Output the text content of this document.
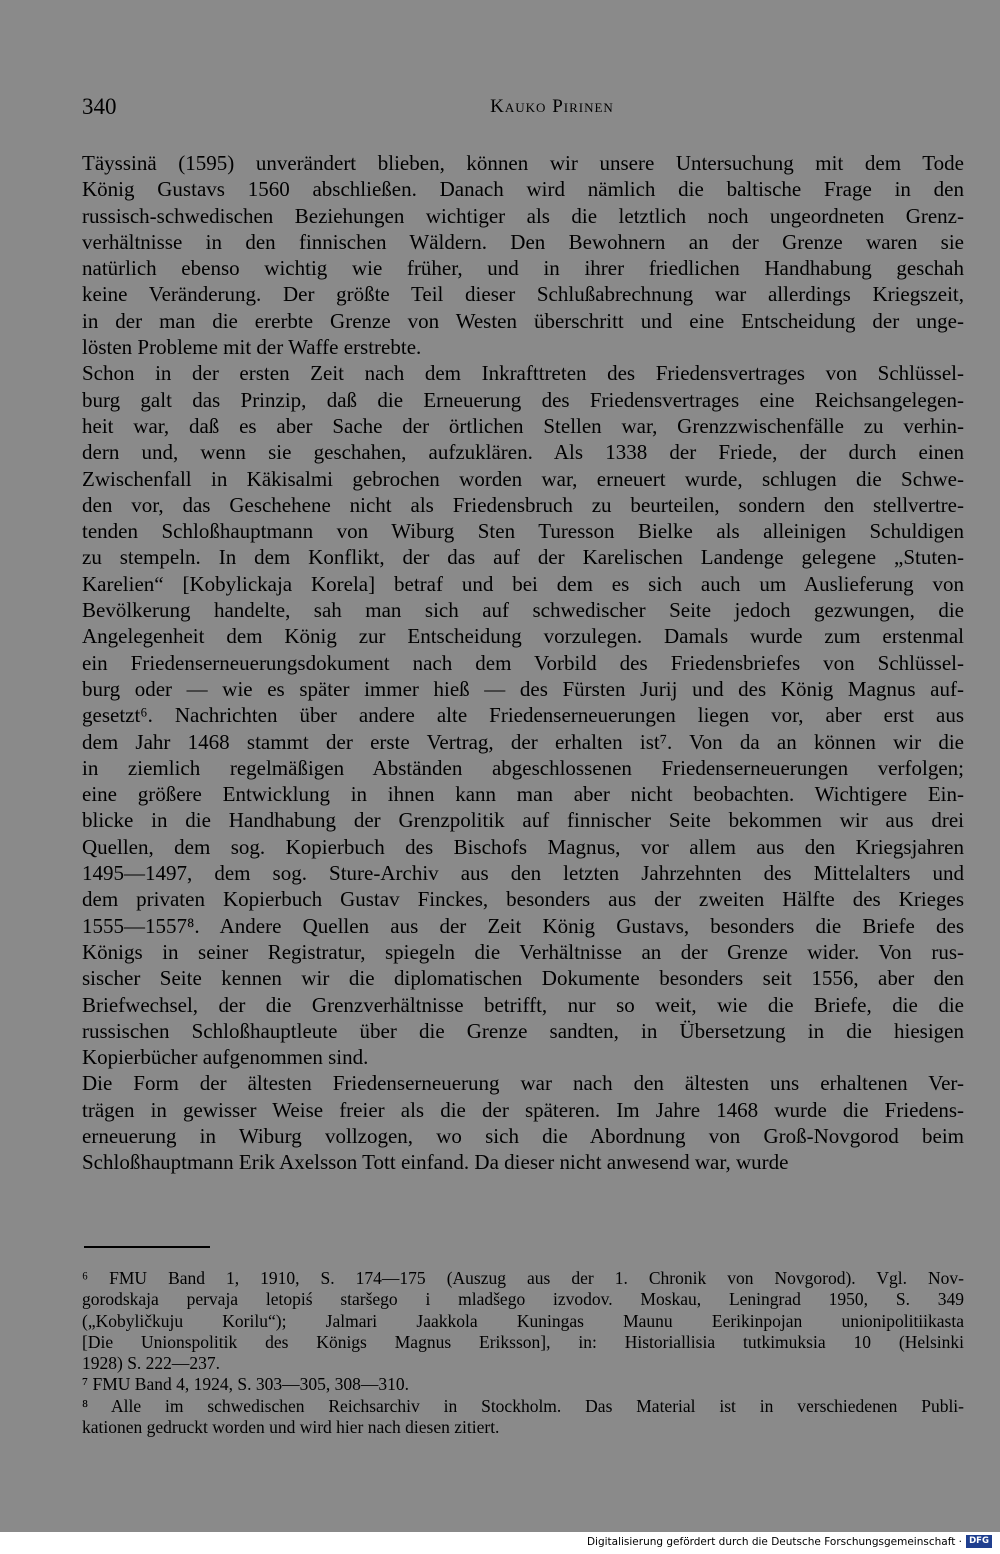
340	Kauko Pirinen
Täyssinä (1595) unverändert blieben, können wir unsere Untersuchung mit dem Tode
König Gustavs 1560 abschließen. Danach wird nämlich die baltische Frage in den
russisch-schwedischen Beziehungen wichtiger als die letztlich noch ungeordneten Grenz-
verhältnisse in den finnischen Wäldern. Den Bewohnern an der Grenze waren sie
natürlich ebenso wichtig wie früher, und in ihrer friedlichen Handhabung geschah
keine Veränderung. Der größte Teil dieser Schlußabrechnung war allerdings Kriegszeit,
in der man die ererbte Grenze von Westen überschritt und eine Entscheidung der unge-
lösten Probleme mit der Waffe erstrebte.
Schon in der ersten Zeit nach dem Inkrafttreten des Friedensvertrages von Schlüssel-
burg galt das Prinzip, daß die Erneuerung des Friedensvertrages eine Reichsangelegen-
heit war, daß es aber Sache der örtlichen Stellen war, Grenzzwischenfälle zu verhin-
dern und, wenn sie geschahen, aufzuklären. Als 1338 der Friede, der durch einen
Zwischenfall in Käkisalmi gebrochen worden war, erneuert wurde, schlugen die Schwe-
den vor, das Geschehene nicht als Friedensbruch zu beurteilen, sondern den stellvertre-
tenden Schloßhauptmann von Wiburg Sten Turesson Bielke als alleinigen Schuldigen
zu stempeln. In dem Konflikt, der das auf der Karelischen Landenge gelegene „Stuten-
Karelien“ [Kobylickaja Korela] betraf und bei dem es sich auch um Auslieferung von
Bevölkerung handelte, sah man sich auf schwedischer Seite jedoch gezwungen, die
Angelegenheit dem König zur Entscheidung vorzulegen. Damals wurde zum erstenmal
ein Friedenserneuerungsdokument nach dem Vorbild des Friedensbriefes von Schlüssel-
burg oder — wie es später immer hieß — des Fürsten Jurij und des König Magnus auf-
gesetzt⁶. Nachrichten über andere alte Friedenserneuerungen liegen vor, aber erst aus
dem Jahr 1468 stammt der erste Vertrag, der erhalten ist⁷. Von da an können wir die
in ziemlich regelmäßigen Abständen abgeschlossenen Friedenserneuerungen verfolgen;
eine größere Entwicklung in ihnen kann man aber nicht beobachten. Wichtigere Ein-
blicke in die Handhabung der Grenzpolitik auf finnischer Seite bekommen wir aus drei
Quellen, dem sog. Kopierbuch des Bischofs Magnus, vor allem aus den Kriegsjahren
1495—1497, dem sog. Sture-Archiv aus den letzten Jahrzehnten des Mittelalters und
dem privaten Kopierbuch Gustav Finckes, besonders aus der zweiten Hälfte des Krieges
1555—1557⁸. Andere Quellen aus der Zeit König Gustavs, besonders die Briefe des
Königs in seiner Registratur, spiegeln die Verhältnisse an der Grenze wider. Von rus-
sischer Seite kennen wir die diplomatischen Dokumente besonders seit 1556, aber den
Briefwechsel, der die Grenzverhältnisse betrifft, nur so weit, wie die Briefe, die die
russischen Schloßhauptleute über die Grenze sandten, in Übersetzung in die hiesigen
Kopierbücher aufgenommen sind.
Die Form der ältesten Friedenserneuerung war nach den ältesten uns erhaltenen Ver-
trägen in gewisser Weise freier als die der späteren. Im Jahre 1468 wurde die Friedens-
erneuerung in Wiburg vollzogen, wo sich die Abordnung von Groß-Novgorod beim
Schloßhauptmann Erik Axelsson Tott einfand. Da dieser nicht anwesend war, wurde
⁶ FMU Band 1, 1910, S. 174—175 (Auszug aus der 1. Chronik von Novgorod). Vgl. Nov-
gorodskaja pervaja letopiś staršego i mladšego izvodov. Moskau, Leningrad 1950, S. 349
(„Kobyličkuju Korilu“); Jalmari Jaakkola Kuningas Maunu Eerikinpojan unionipolitiikasta
[Die Unionspolitik des Königs Magnus Eriksson], in: Historiallisia tutkimuksia 10 (Helsinki
1928) S. 222—237.
⁷ FMU Band 4, 1924, S. 303—305, 308—310.
⁸ Alle im schwedischen Reichsarchiv in Stockholm. Das Material ist in verschiedenen Publi-
kationen gedruckt worden und wird hier nach diesen zitiert.
Digitalisierung gefördert durch die Deutsche Forschungsgemeinschaft · DFG
